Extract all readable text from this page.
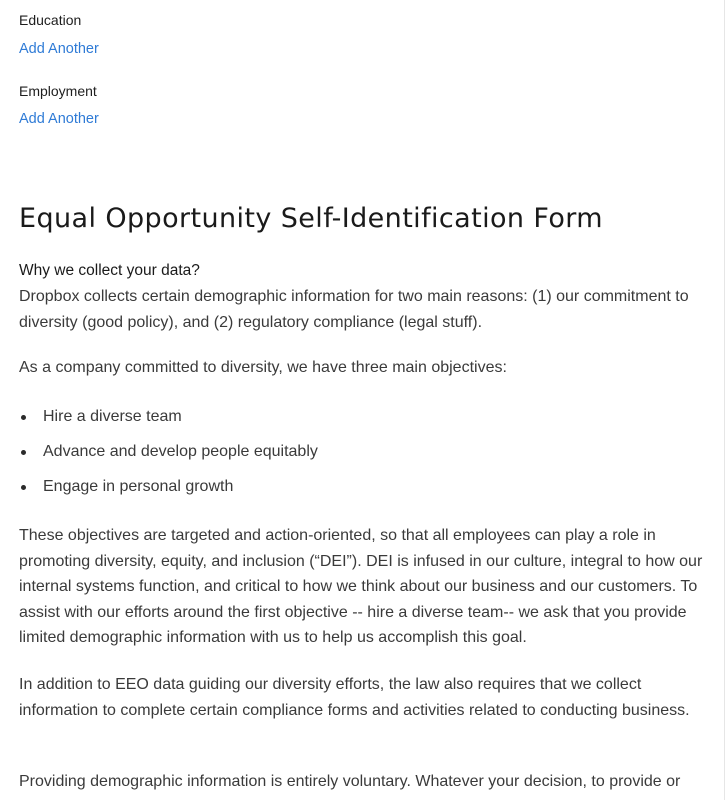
Education
Add Another
Employment
Add Another
Equal Opportunity Self-Identification Form
Why we collect your data?

Dropbox collects certain demographic information for two main reasons: (1) our commitment to diversity (good policy), and (2) regulatory compliance (legal stuff).

As a company committed to diversity, we have three main objectives:

Hire a diverse team
Advance and develop people equitably
Engage in personal growth

These objectives are targeted and action-oriented, so that all employees can play a role in promoting diversity, equity, and inclusion (“DEI”). DEI is infused in our culture, integral to how our internal systems function, and critical to how we think about our business and our customers. To assist with our efforts around the first objective -- hire a diverse team-- we ask that you provide limited demographic information with us to help us accomplish this goal.

In addition to EEO data guiding our diversity efforts, the law also requires that we collect information to complete certain compliance forms and activities related to conducting business.

Providing demographic information is entirely voluntary. Whatever your decision, to provide or
